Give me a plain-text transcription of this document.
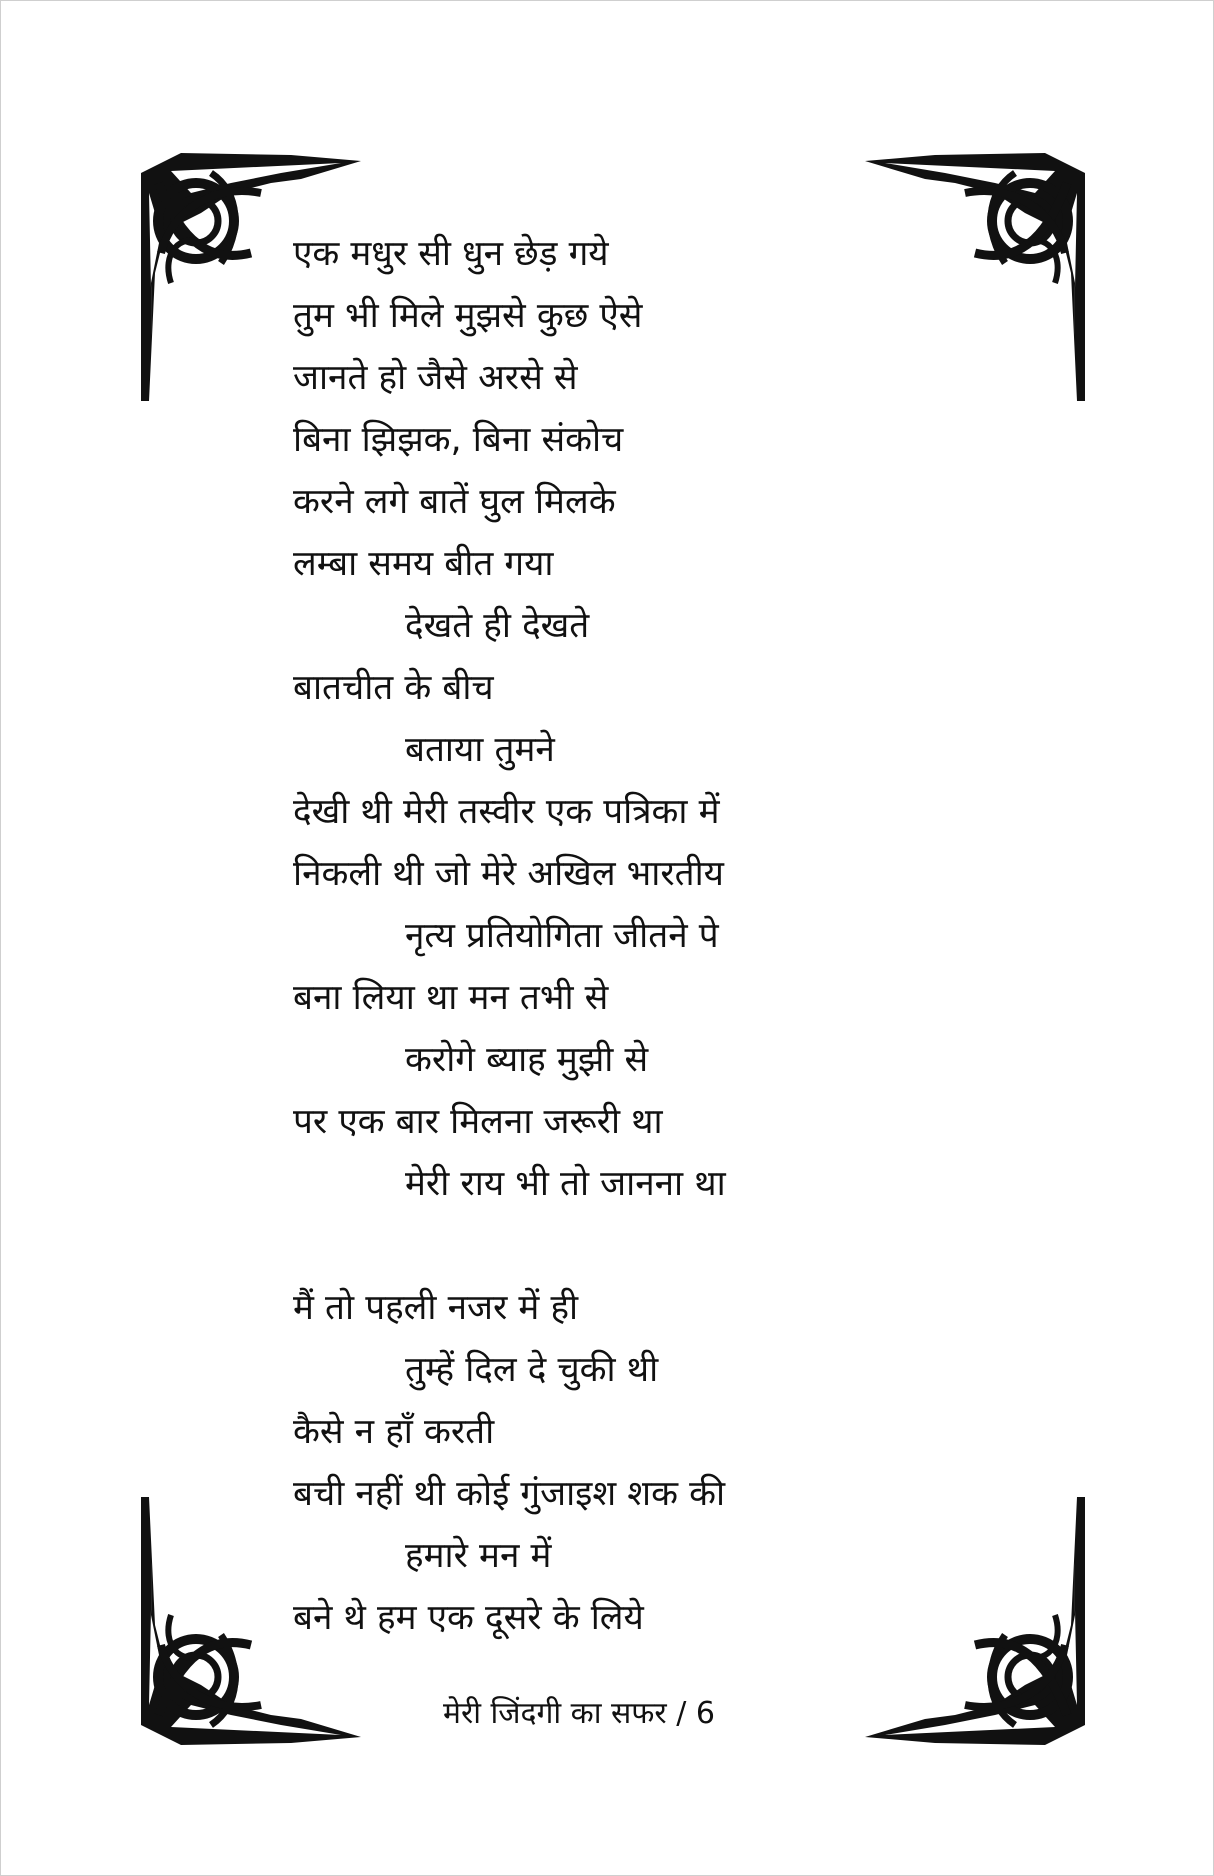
एक मधुर सी धुन छेड़ गये
तुम भी मिले मुझसे कुछ ऐसे
जानते हो जैसे अरसे से
बिना झिझक, बिना संकोच
करने लगे बातें घुल मिलके
लम्बा समय बीत गया
देखते ही देखते
बातचीत के बीच
बताया तुमने
देखी थी मेरी तस्वीर एक पत्रिका में
निकली थी जो मेरे अखिल भारतीय
नृत्य प्रतियोगिता जीतने पे
बना लिया था मन तभी से
करोगे ब्याह मुझी से
पर एक बार मिलना जरूरी था
मेरी राय भी तो जानना था
मैं तो पहली नजर में ही
तुम्हें दिल दे चुकी थी
कैसे न हाँ करती
बची नहीं थी कोई गुंजाइश शक की
हमारे मन में
बने थे हम एक दूसरे के लिये
मेरी जिंदगी का सफर / 6
